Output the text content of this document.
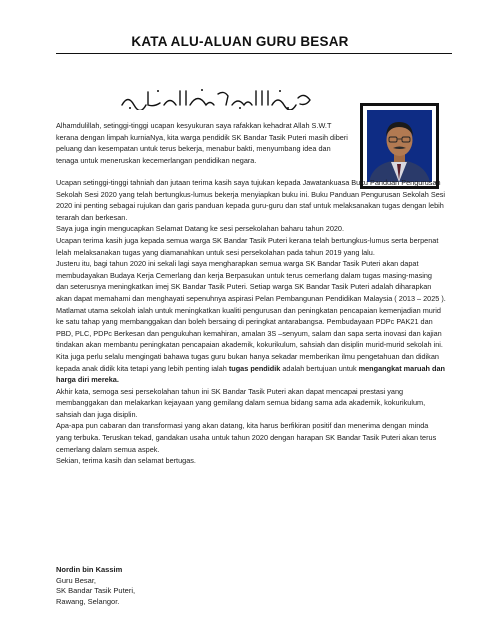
KATA ALU-ALUAN GURU BESAR

Alhamdulillah, setinggi-tinggi ucapan kesyukuran saya rafakkan kehadrat Allah S.W.T kerana dengan limpah kurniaNya, kita warga pendidik SK Bandar Tasik Puteri masih diberi peluang dan kesempatan untuk terus bekerja, menabur bakti, menyumbang idea dan tenaga untuk meneruskan kecemerlangan pendidikan negara.

Ucapan setinggi-tinggi tahniah dan jutaan terima kasih saya tujukan kepada Jawatankuasa Buku Panduan Pengurusan Sekolah Sesi 2020 yang telah bertungkus-lumus bekerja menyiapkan buku ini. Buku Panduan Pengurusan Sekolah Sesi 2020 ini penting sebagai rujukan dan garis panduan kepada guru-guru dan staf untuk melaksanakan tugas dengan lebih terarah dan berkesan.

Saya juga ingin mengucapkan Selamat Datang ke sesi persekolahan baharu tahun 2020.

Ucapan terima kasih juga kepada semua warga SK Bandar Tasik Puteri kerana telah bertungkus-lumus serta berpenat lelah melaksanakan tugas yang diamanahkan untuk sesi persekolahan pada tahun 2019 yang lalu.

Justeru itu, bagi tahun 2020 ini sekali lagi saya mengharapkan semua warga SK Bandar Tasik Puteri akan dapat membudayakan Budaya Kerja Cemerlang dan kerja Berpasukan untuk terus cemerlang dalam tugas masing-masing dan seterusnya meningkatkan imej SK Bandar Tasik Puteri. Setiap warga SK Bandar Tasik Puteri adalah diharapkan akan dapat memahami dan menghayati sepenuhnya aspirasi Pelan Pembangunan Pendidikan Malaysia ( 2013 – 2025 ).

Matlamat utama sekolah ialah untuk meningkatkan kualiti pengurusan dan peningkatan pencapaian kemenjadian murid ke satu tahap yang membanggakan dan boleh bersaing di peringkat antarabangsa. Pembudayaan PDPc PAK21 dan PBD, PLC, PDPc Berkesan dan pengukuhan kemahiran, amalan 3S –senyum, salam dan sapa serta inovasi dan kajian tindakan akan membantu peningkatan pencapaian akademik, kokurikulum, sahsiah dan disiplin murid-murid sekolah ini.

Kita juga perlu selalu mengingati bahawa tugas guru bukan hanya sekadar memberikan ilmu pengetahuan dan didikan kepada anak didik kita tetapi yang lebih penting ialah tugas pendidik adalah bertujuan untuk mengangkat maruah dan harga diri mereka.

Akhir kata, semoga sesi persekolahan tahun ini SK Bandar Tasik Puteri akan dapat mencapai prestasi yang membanggakan dan melakarkan kejayaan yang gemilang dalam semua bidang sama ada akademik, kokurikulum, sahsiah dan juga disiplin.

Apa-apa pun cabaran dan transformasi yang akan datang, kita harus berfikiran positif dan menerima dengan minda yang terbuka. Teruskan tekad, gandakan usaha untuk tahun 2020 dengan harapan SK Bandar Tasik Puteri akan terus cemerlang dalam semua aspek.

Sekian, terima kasih dan selamat bertugas.

Nordin bin Kassim
Guru Besar,
SK Bandar Tasik Puteri,
Rawang, Selangor.
